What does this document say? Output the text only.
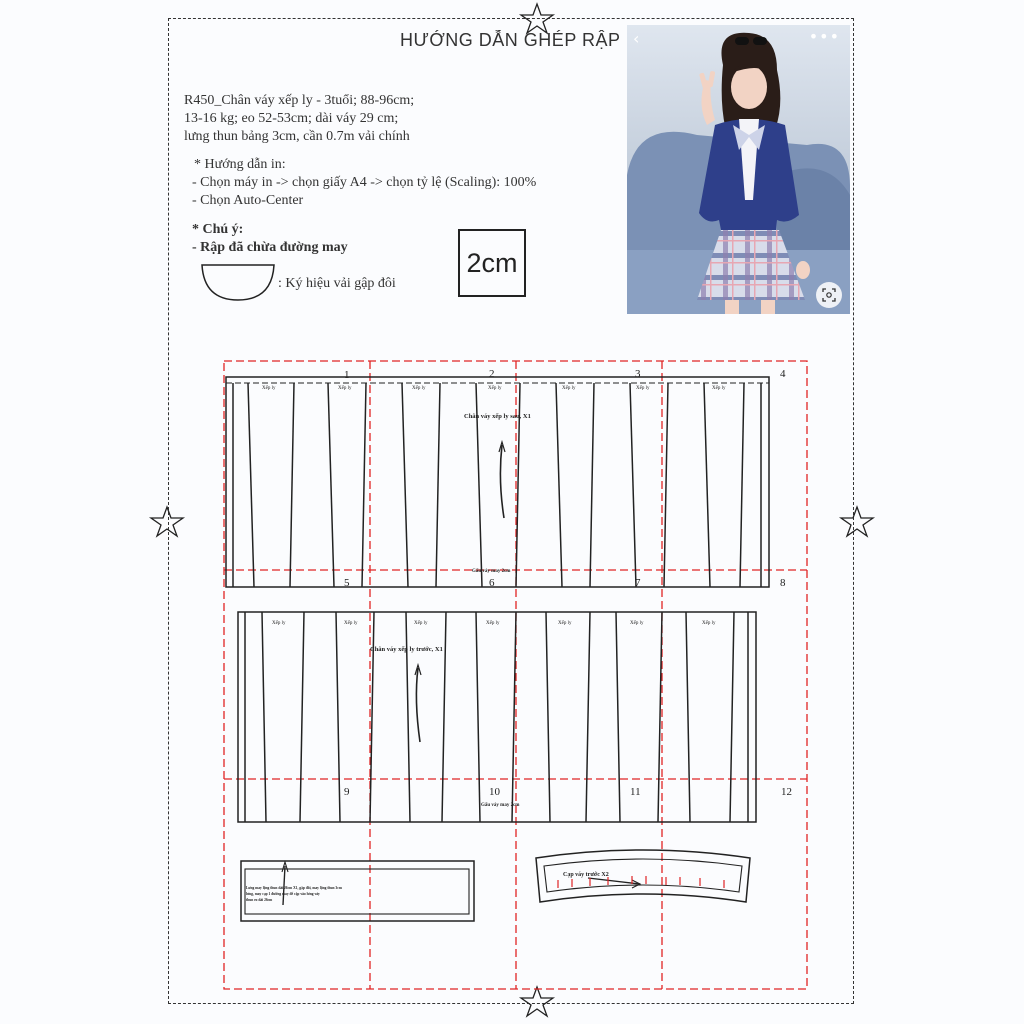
HƯỚNG DẪN GHÉP RẬP
R450_Chân váy xếp ly - 3tuổi; 88-96cm;
13-16 kg; eo 52-53cm; dài váy 29 cm;
lưng thun bảng 3cm, cần 0.7m vải chính
* Hướng dẫn in:
- Chọn máy in -> chọn giấy A4 -> chọn tỷ lệ (Scaling): 100%
- Chọn Auto-Center
* Chú ý:
- Rập đã chừa đường may
: Ký hiệu vải gập đôi
2cm
‹	•••
1	2	3	4
5	6	7	8
9	10	11	12
Xếp ly	Xếp ly	Xếp ly	Xếp ly	Xếp ly	Xếp ly	Xếp ly
Chân váy xếp ly sau, X1
Gấu váy may 2cm
Xếp ly	Xếp ly	Xếp ly	Xếp ly	Xếp ly	Xếp ly	Xếp ly
Chân váy xếp ly trước, X1
Gấu váy may 2cm
Lưng may lộng thun dài 26cm X1, gập đôi, may lộng thun 3cm
lưng, may cạp 1 đường may để cập vào lưng váy
thun eo dài 26cm
Cạp váy trước X2
